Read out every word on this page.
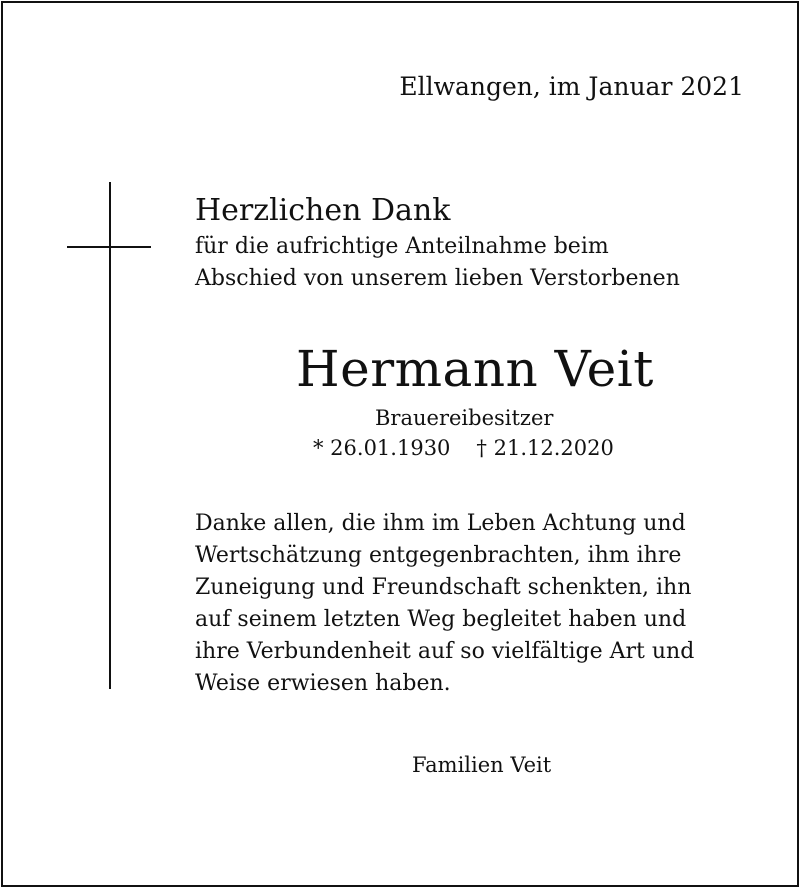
Ellwangen, im Januar 2021
Herzlichen Dank
für die aufrichtige Anteilnahme beim
Abschied von unserem lieben Verstorbenen
Hermann Veit
Brauereibesitzer
* 26.01.1930 † 21.12.2020
Danke allen, die ihm im Leben Achtung und
Wertschätzung entgegenbrachten, ihm ihre
Zuneigung und Freundschaft schenkten, ihn
auf seinem letzten Weg begleitet haben und
ihre Verbundenheit auf so vielfältige Art und
Weise erwiesen haben.
Familien Veit
